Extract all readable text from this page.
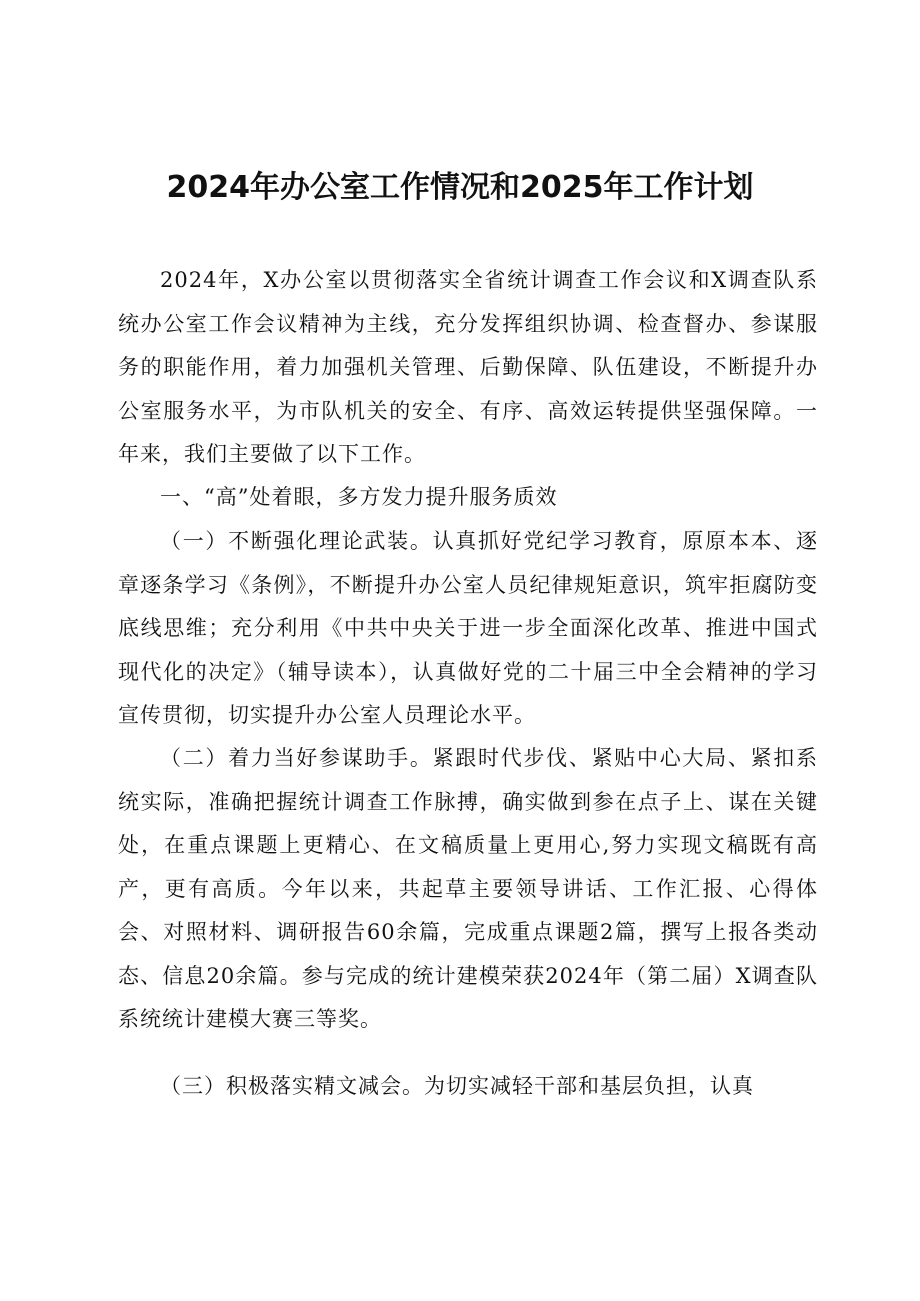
2024年办公室工作情况和2025年工作计划

2024年，X办公室以贯彻落实全省统计调查工作会议和X调查队系统办公室工作会议精神为主线，充分发挥组织协调、检查督办、参谋服务的职能作用，着力加强机关管理、后勤保障、队伍建设，不断提升办公室服务水平，为市队机关的安全、有序、高效运转提供坚强保障。一年来，我们主要做了以下工作。

一、“高”处着眼，多方发力提升服务质效

（一）不断强化理论武装。认真抓好党纪学习教育，原原本本、逐章逐条学习《条例》，不断提升办公室人员纪律规矩意识，筑牢拒腐防变底线思维；充分利用《中共中央关于进一步全面深化改革、推进中国式现代化的决定》（辅导读本），认真做好党的二十届三中全会精神的学习宣传贯彻，切实提升办公室人员理论水平。

（二）着力当好参谋助手。紧跟时代步伐、紧贴中心大局、紧扣系统实际，准确把握统计调查工作脉搏，确实做到参在点子上、谋在关键处，在重点课题上更精心、在文稿质量上更用心,努力实现文稿既有高产，更有高质。今年以来，共起草主要领导讲话、工作汇报、心得体会、对照材料、调研报告60余篇，完成重点课题2篇，撰写上报各类动态、信息20余篇。参与完成的统计建模荣获2024年（第二届）X调查队系统统计建模大赛三等奖。

（三）积极落实精文减会。为切实减轻干部和基层负担，认真
